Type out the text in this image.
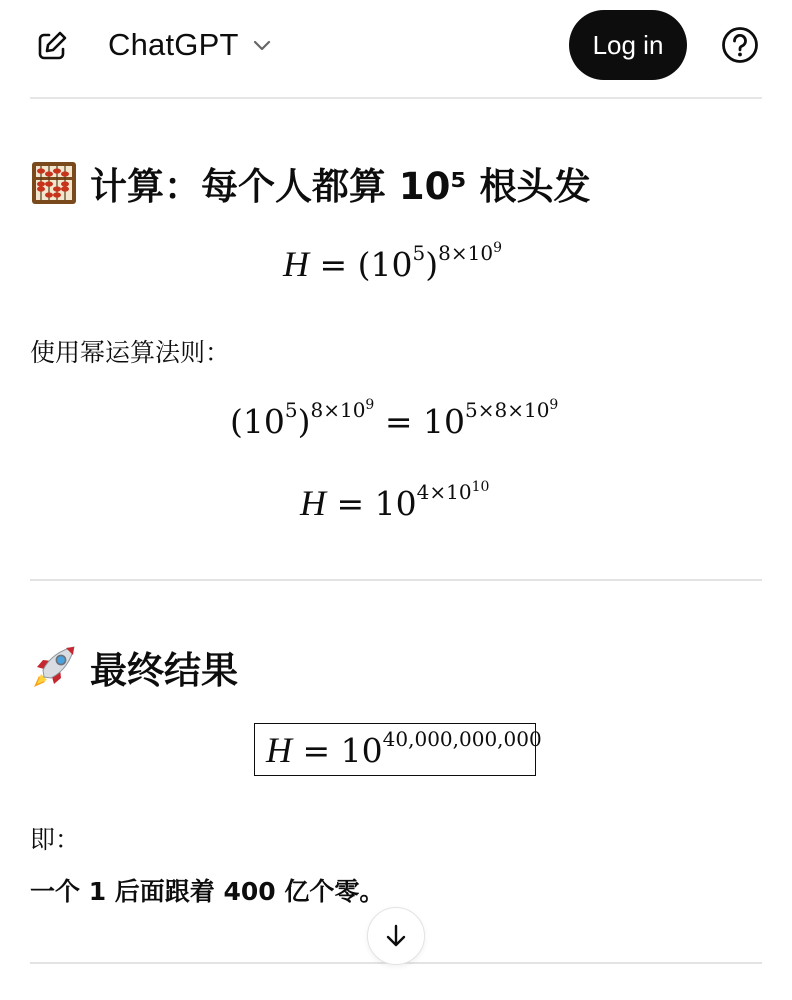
ChatGPT	Log in
计算：每个人都算 10⁵ 根头发
$H = (10^5)^{8\times 10^9}$
使用幂运算法则：
$(10^5)^{8\times 10^9} = 10^{5\times 8\times 10^9}$
$H = 10^{4\times 10^{10}}$
最终结果
$H = 10^{40,000,000,000}$
即：
一个 1 后面跟着 400 亿个零。
